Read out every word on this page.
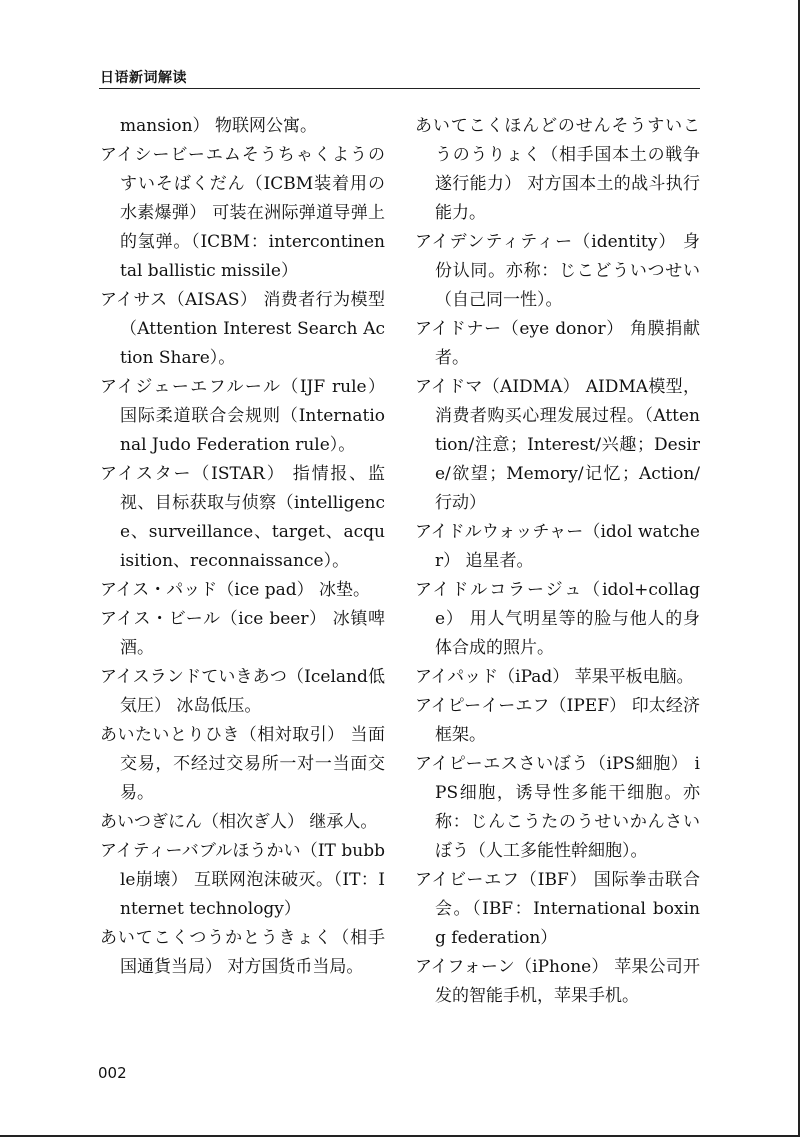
日语新词解读

mansion） 物联网公寓。

アイシービーエムそうちゃくようのすいそばくだん（ICBM装着用の水素爆弾） 可装在洲际弹道导弹上的氢弹。（ICBM：intercontinental ballistic missile）

アイサス（AISAS） 消费者行为模型（Attention Interest Search Action Share）。

アイジェーエフルール（IJF rule） 国际柔道联合会规则（International Judo Federation rule）。

アイスター（ISTAR） 指情报、监视、目标获取与侦察（intelligence、surveillance、target、acquisition、reconnaissance）。

アイス・パッド（ice pad） 冰垫。

アイス・ビール（ice beer） 冰镇啤酒。

アイスランドていきあつ（Iceland低気圧） 冰岛低压。

あいたいとりひき（相対取引） 当面交易，不经过交易所一对一当面交易。

あいつぎにん（相次ぎ人） 继承人。

アイティーバブルほうかい（IT bubble崩壊） 互联网泡沫破灭。（IT：Internet technology）

あいてこくつうかとうきょく（相手国通貨当局） 对方国货币当局。

あいてこくほんどのせんそうすいこうのうりょく（相手国本土の戦争遂行能力） 对方国本土的战斗执行能力。

アイデンティティー（identity） 身份认同。亦称：じこどういつせい（自己同一性）。

アイドナー（eye donor） 角膜捐献者。

アイドマ（AIDMA） AIDMA模型，消费者购买心理发展过程。（Attention/注意；Interest/兴趣；Desire/欲望；Memory/记忆；Action/行动）

アイドルウォッチャー（idol watcher） 追星者。

アイドルコラージュ（idol+collage） 用人气明星等的脸与他人的身体合成的照片。

アイパッド（iPad） 苹果平板电脑。

アイピーイーエフ（IPEF） 印太经济框架。

アイピーエスさいぼう（iPS細胞） iPS细胞，诱导性多能干细胞。亦称：じんこうたのうせいかんさいぼう（人工多能性幹細胞）。

アイビーエフ（IBF） 国际拳击联合会。（IBF：International boxing federation）

アイフォーン（iPhone） 苹果公司开发的智能手机，苹果手机。

002
